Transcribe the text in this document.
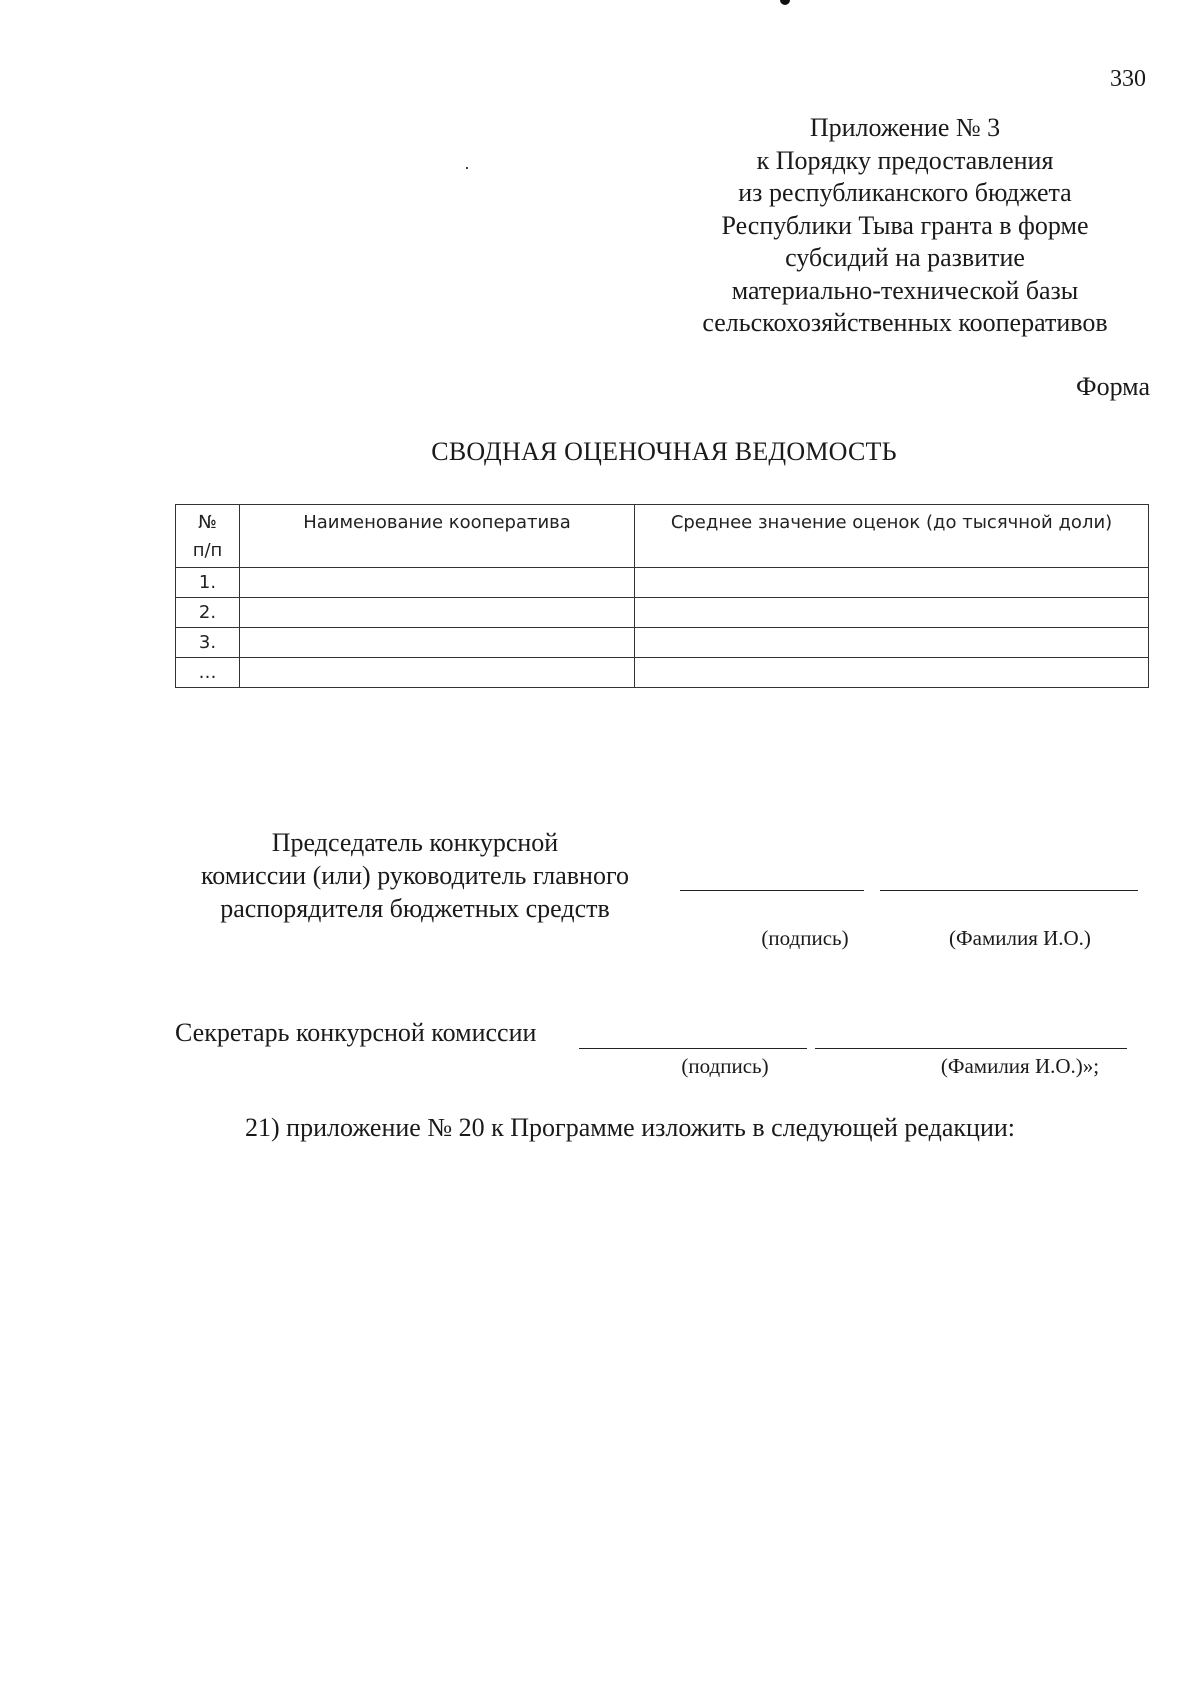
330
Приложение № 3
к Порядку предоставления
из республиканского бюджета
Республики Тыва гранта в форме
субсидий на развитие
материально-технической базы
сельскохозяйственных кооперативов
Форма
СВОДНАЯ ОЦЕНОЧНАЯ ВЕДОМОСТЬ
№
п/п	Наименование кооператива	Среднее значение оценок (до тысячной доли)
1.		
2.		
3.		
…		
Председатель конкурсной
комиссии (или) руководитель главного
распорядителя бюджетных средств
(подпись)	(Фамилия И.О.)
Секретарь конкурсной комиссии
(подпись)	(Фамилия И.О.)»;
21) приложение № 20 к Программе изложить в следующей редакции:
